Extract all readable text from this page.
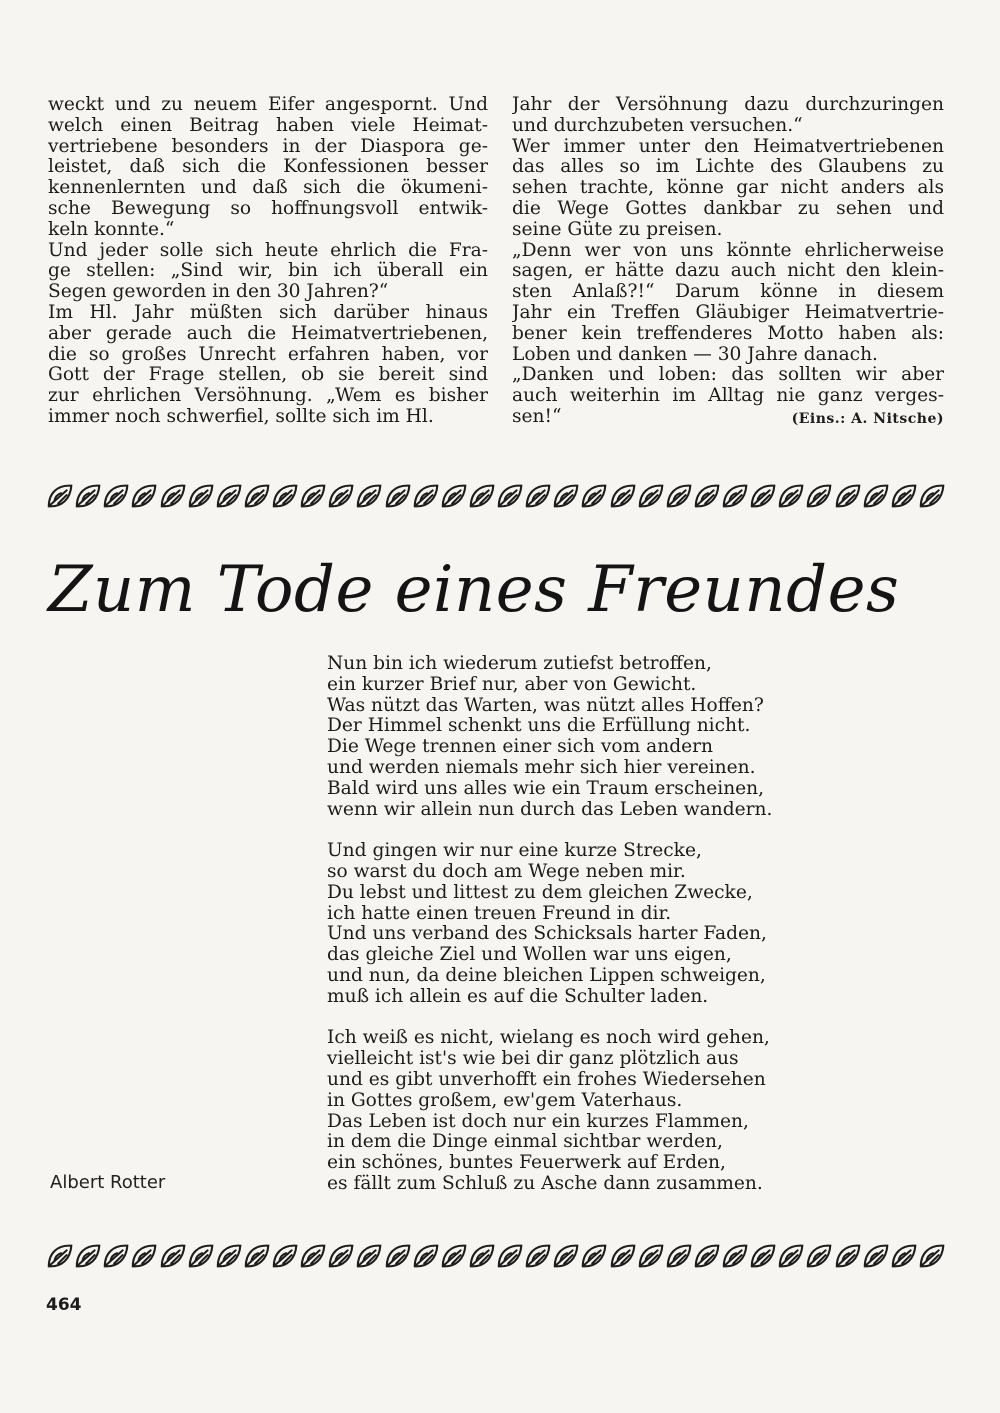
weckt und zu neuem Eifer angespornt. Und
welch einen Beitrag haben viele Heimat-
vertriebene besonders in der Diaspora ge-
leistet, daß sich die Konfessionen besser
kennenlernten und daß sich die ökumeni-
sche Bewegung so hoffnungsvoll entwik-
keln konnte.“
Und jeder solle sich heute ehrlich die Fra-
ge stellen: „Sind wir, bin ich überall ein
Segen geworden in den 30 Jahren?“
Im Hl. Jahr müßten sich darüber hinaus
aber gerade auch die Heimatvertriebenen,
die so großes Unrecht erfahren haben, vor
Gott der Frage stellen, ob sie bereit sind
zur ehrlichen Versöhnung. „Wem es bisher
immer noch schwerfiel, sollte sich im Hl.
Jahr der Versöhnung dazu durchzuringen
und durchzubeten versuchen.“
Wer immer unter den Heimatvertriebenen
das alles so im Lichte des Glaubens zu
sehen trachte, könne gar nicht anders als
die Wege Gottes dankbar zu sehen und
seine Güte zu preisen.
„Denn wer von uns könnte ehrlicherweise
sagen, er hätte dazu auch nicht den klein-
sten Anlaß?!“ Darum könne in diesem
Jahr ein Treffen Gläubiger Heimatvertrie-
bener kein treffenderes Motto haben als:
Loben und danken — 30 Jahre danach.
„Danken und loben: das sollten wir aber
auch weiterhin im Alltag nie ganz verges-
sen!“	(Eins.: A. Nitsche)
Zum Tode eines Freundes
Nun bin ich wiederum zutiefst betroffen,
ein kurzer Brief nur, aber von Gewicht.
Was nützt das Warten, was nützt alles Hoffen?
Der Himmel schenkt uns die Erfüllung nicht.
Die Wege trennen einer sich vom andern
und werden niemals mehr sich hier vereinen.
Bald wird uns alles wie ein Traum erscheinen,
wenn wir allein nun durch das Leben wandern.
Und gingen wir nur eine kurze Strecke,
so warst du doch am Wege neben mir.
Du lebst und littest zu dem gleichen Zwecke,
ich hatte einen treuen Freund in dir.
Und uns verband des Schicksals harter Faden,
das gleiche Ziel und Wollen war uns eigen,
und nun, da deine bleichen Lippen schweigen,
muß ich allein es auf die Schulter laden.
Ich weiß es nicht, wielang es noch wird gehen,
vielleicht ist's wie bei dir ganz plötzlich aus
und es gibt unverhofft ein frohes Wiedersehen
in Gottes großem, ew'gem Vaterhaus.
Das Leben ist doch nur ein kurzes Flammen,
in dem die Dinge einmal sichtbar werden,
ein schönes, buntes Feuerwerk auf Erden,
es fällt zum Schluß zu Asche dann zusammen.
Albert Rotter
464
